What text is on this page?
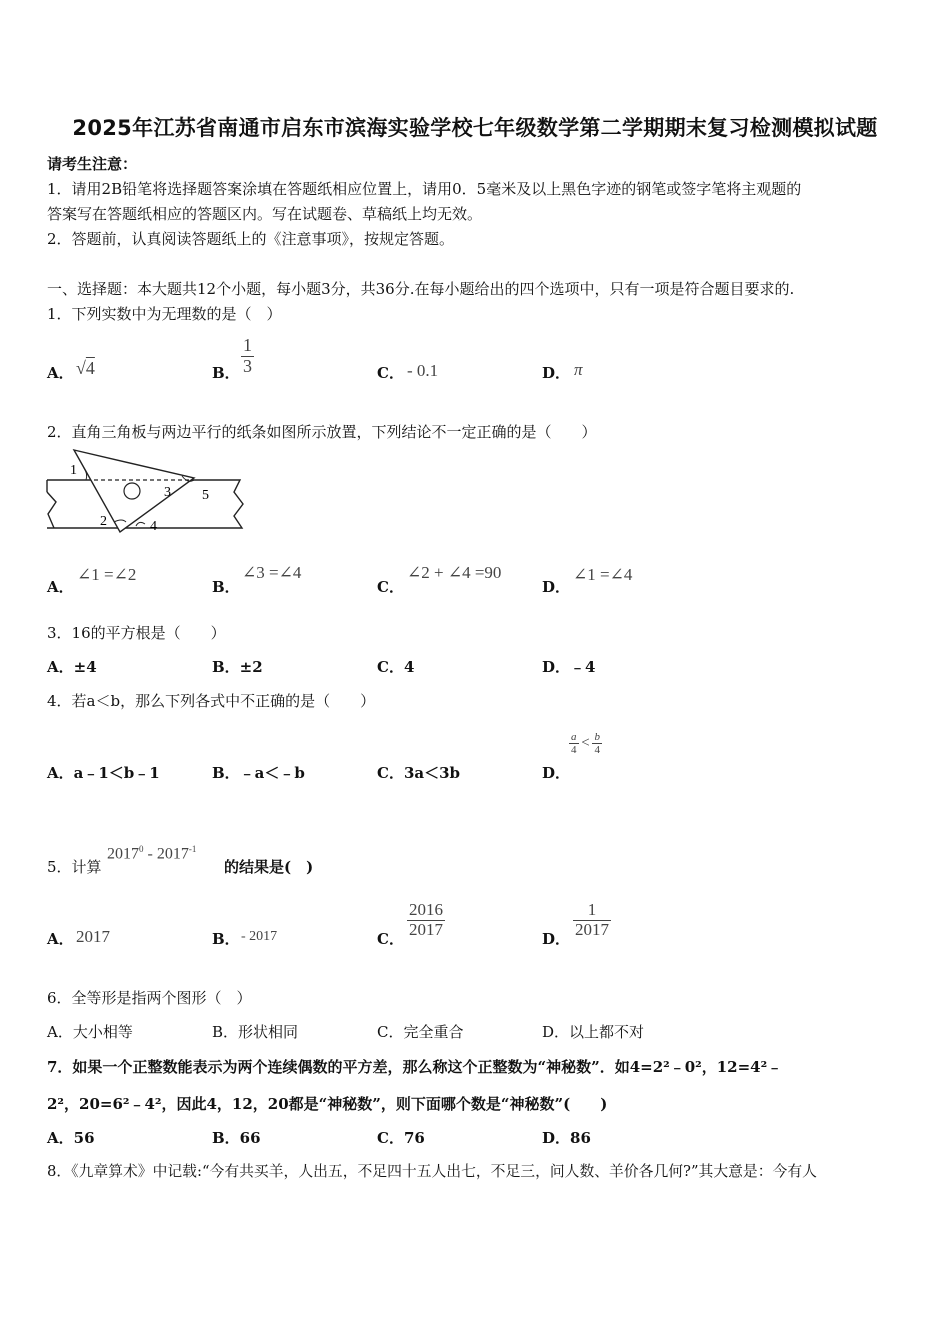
2025年江苏省南通市启东市滨海实验学校七年级数学第二学期期末复习检测模拟试题
请考生注意：
1．请用2B铅笔将选择题答案涂填在答题纸相应位置上，请用0．5毫米及以上黑色字迹的钢笔或签字笔将主观题的
答案写在答题纸相应的答题区内。写在试题卷、草稿纸上均无效。
2．答题前，认真阅读答题纸上的《注意事项》，按规定答题。
一、选择题：本大题共12个小题，每小题3分，共36分.在每小题给出的四个选项中，只有一项是符合题目要求的.
1．下列实数中为无理数的是（　）
A． √4	B． $\frac{1}{3}$	C． - 0.1	D． π
2．直角三角板与两边平行的纸条如图所示放置，下列结论不一定正确的是（　　）
1
2
3
4
5
A．
∠1 =∠2
B．
∠3 =∠4
C．
∠2 + ∠4 =90
D．
∠1 =∠4
3．16的平方根是（　　）
A．±4	B．±2	C．4	D．﹣4
4．若a＜b，那么下列各式中不正确的是（　　）
A．a﹣1＜b﹣1	B．﹣a＜﹣b	C．3a＜3b	D．
$\frac{a}{4} < \frac{b}{4}$
5．计算
$2017^0 - 2017^{-1}$
的结果是(　)
A． 2017	B． - 2017	C． $\frac{2016}{2017}$	D． $\frac{1}{2017}$
6．全等形是指两个图形（　）
A．大小相等	B．形状相同	C．完全重合	D．以上都不对
7．如果一个正整数能表示为两个连续偶数的平方差，那么称这个正整数为“神秘数”．如4=2²﹣0²，12=4²﹣
2²，20=6²﹣4²，因此4，12，20都是“神秘数”，则下面哪个数是“神秘数”(　　)
A．56	B．66	C．76	D．86
8．《九章算术》中记载:“今有共买羊，人出五，不足四十五人出七，不足三，问人数、羊价各几何?”其大意是：今有人
